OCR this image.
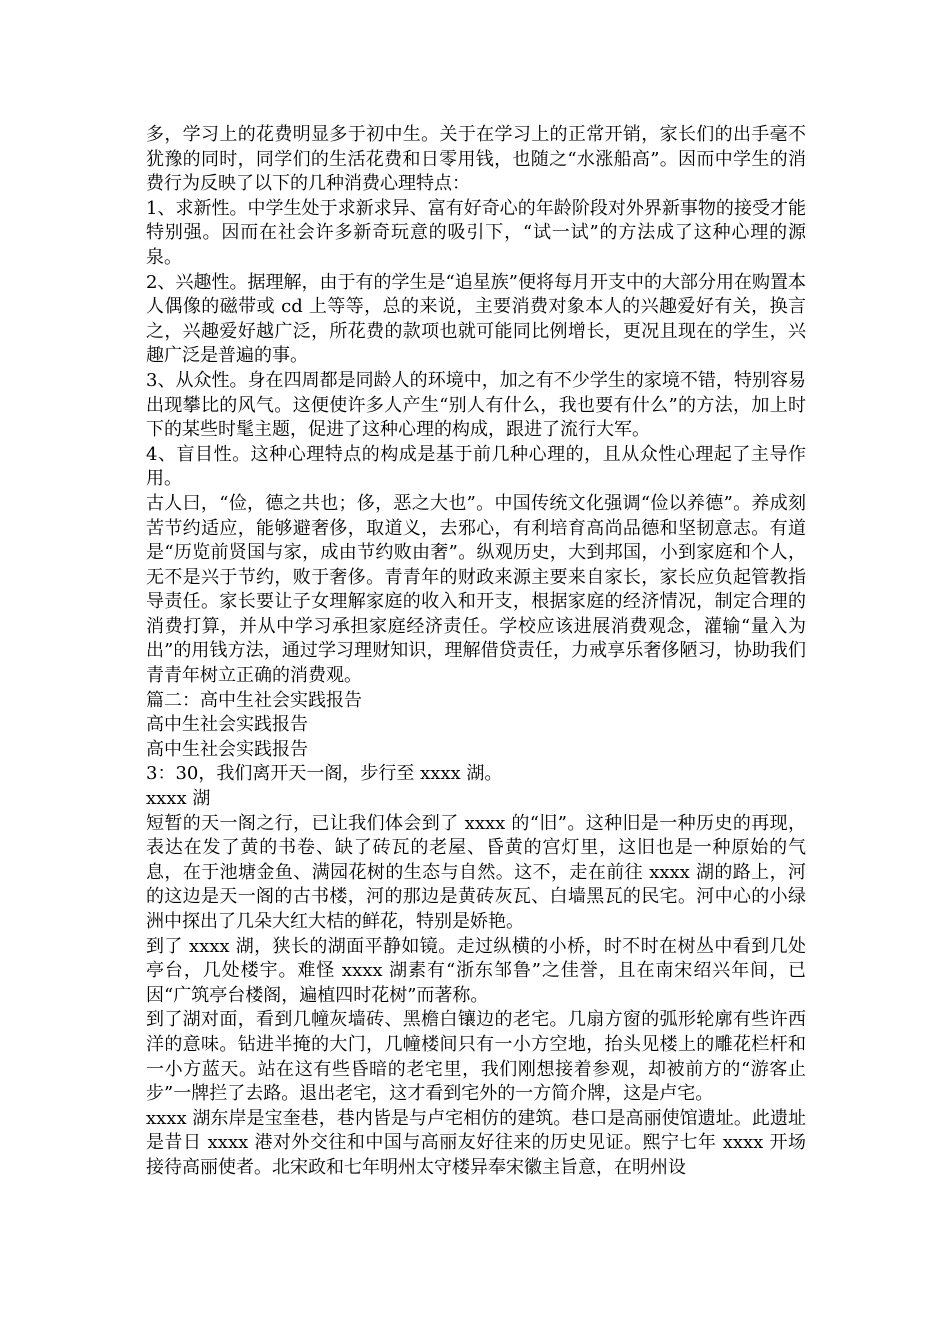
多，学习上的花费明显多于初中生。关于在学习上的正常开销，家长们的出手毫不犹豫的同时，同学们的生活花费和日零用钱，也随之“水涨船高”。因而中学生的消费行为反映了以下的几种消费心理特点：

1、求新性。中学生处于求新求异、富有好奇心的年龄阶段对外界新事物的接受才能特别强。因而在社会许多新奇玩意的吸引下，“试一试”的方法成了这种心理的源泉。

2、兴趣性。据理解，由于有的学生是“追星族”便将每月开支中的大部分用在购置本人偶像的磁带或 cd 上等等，总的来说，主要消费对象本人的兴趣爱好有关，换言之，兴趣爱好越广泛，所花费的款项也就可能同比例增长，更况且现在的学生，兴趣广泛是普遍的事。

3、从众性。身在四周都是同龄人的环境中，加之有不少学生的家境不错，特别容易出现攀比的风气。这便使许多人产生“别人有什么，我也要有什么”的方法，加上时下的某些时髦主题，促进了这种心理的构成，跟进了流行大军。

4、盲目性。这种心理特点的构成是基于前几种心理的，且从众性心理起了主导作用。

古人曰，“俭，德之共也；侈，恶之大也”。中国传统文化强调“俭以养德”。养成刻苦节约适应，能够避奢侈，取道义，去邪心，有利培育高尚品德和坚韧意志。有道是“历览前贤国与家，成由节约败由奢”。纵观历史，大到邦国，小到家庭和个人，无不是兴于节约，败于奢侈。青青年的财政来源主要来自家长，家长应负起管教指导责任。家长要让子女理解家庭的收入和开支，根据家庭的经济情况，制定合理的消费打算，并从中学习承担家庭经济责任。学校应该进展消费观念，灌输“量入为出”的用钱方法，通过学习理财知识，理解借贷责任，力戒享乐奢侈陋习，协助我们青青年树立正确的消费观。

篇二：高中生社会实践报告

高中生社会实践报告

高中生社会实践报告

3：30，我们离开天一阁，步行至 xxxx 湖。

xxxx 湖

短暂的天一阁之行，已让我们体会到了 xxxx 的“旧”。这种旧是一种历史的再现，表达在发了黄的书卷、缺了砖瓦的老屋、昏黄的宫灯里，这旧也是一种原始的气息，在于池塘金鱼、满园花树的生态与自然。这不，走在前往 xxxx 湖的路上，河的这边是天一阁的古书楼，河的那边是黄砖灰瓦、白墙黑瓦的民宅。河中心的小绿洲中探出了几朵大红大桔的鲜花，特别是娇艳。

到了 xxxx 湖，狭长的湖面平静如镜。走过纵横的小桥，时不时在树丛中看到几处亭台，几处楼宇。难怪 xxxx 湖素有“浙东邹鲁”之佳誉，且在南宋绍兴年间，已因“广筑亭台楼阁，遍植四时花树”而著称。

到了湖对面，看到几幢灰墙砖、黑檐白镶边的老宅。几扇方窗的弧形轮廓有些许西洋的意味。钻进半掩的大门，几幢楼间只有一小方空地，抬头见楼上的雕花栏杆和一小方蓝天。站在这有些昏暗的老宅里，我们刚想接着参观，却被前方的“游客止步”一牌拦了去路。退出老宅，这才看到宅外的一方简介牌，这是卢宅。

xxxx 湖东岸是宝奎巷，巷内皆是与卢宅相仿的建筑。巷口是高丽使馆遗址。此遗址是昔日 xxxx 港对外交往和中国与高丽友好往来的历史见证。熙宁七年 xxxx 开场接待高丽使者。北宋政和七年明州太守楼异奉宋徽主旨意，在明州设
